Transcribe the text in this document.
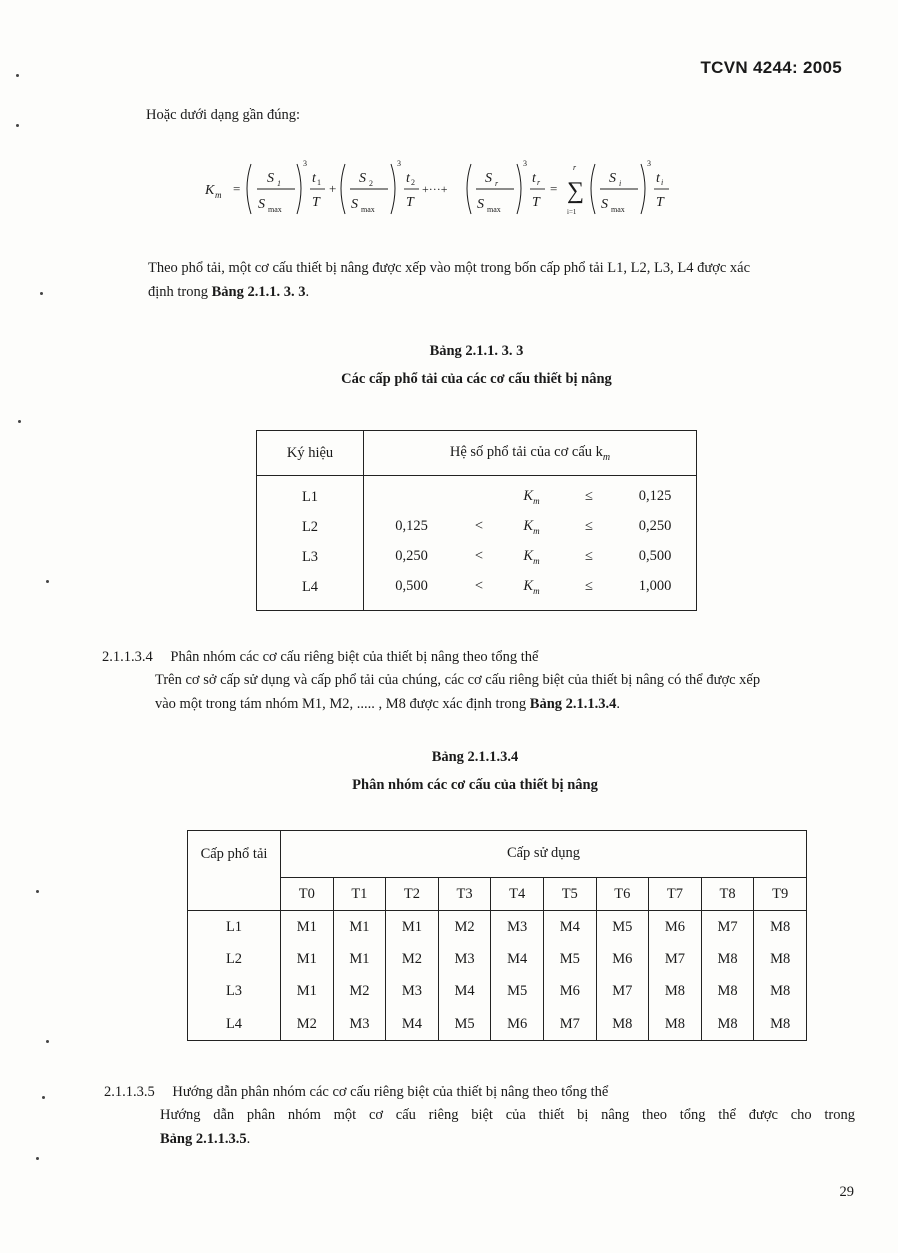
TCVN 4244: 2005
Hoặc dưới dạng gần đúng:
K m =
S 1
S max
3
t 1
T
+
S 2
S max
3
t 2
T
+···+
S r
S max
3
t r
T
= ∑
r
i=1
S i
S max
3
t i
T
Theo phổ tải, một cơ cấu thiết bị nâng được xếp vào một trong bốn cấp phổ tải L1, L2, L3, L4 được xác
định trong Bảng 2.1.1. 3. 3.
Bảng 2.1.1. 3. 3
Các cấp phổ tải của các cơ cấu thiết bị nâng
Ký hiệu	Hệ số phổ tải của cơ cấu $k_m$
L1	$K_m \le 0,125$

L2	$0,125 < K_m \le 0,250$

L3	$0,250 < K_m \le 0,500$

L4	$0,500 < K_m \le 1,000$
2.1.1.3.4 Phân nhóm các cơ cấu riêng biệt của thiết bị nâng theo tổng thể
Trên cơ sở cấp sử dụng và cấp phổ tải của chúng, các cơ cấu riêng biệt của thiết bị nâng có thể được xếp
vào một trong tám nhóm M1, M2, ..... , M8 được xác định trong Bảng 2.1.1.3.4.
Bảng 2.1.1.3.4
Phân nhóm các cơ cấu của thiết bị nâng
Cấp phổ tải	Cấp sử dụng									
	T0	T1	T2	T3	T4	T5	T6	T7	T8	T9
L1	M1	M1	M1	M2	M3	M4	M5	M6	M7	M8
L2	M1	M1	M2	M3	M4	M5	M6	M7	M8	M8
L3	M1	M2	M3	M4	M5	M6	M7	M8	M8	M8
L4	M2	M3	M4	M5	M6	M7	M8	M8	M8	M8
2.1.1.3.5 Hướng dẫn phân nhóm các cơ cấu riêng biệt của thiết bị nâng theo tổng thể
Hướng dẫn phân nhóm một cơ cấu riêng biệt của thiết bị nâng theo tổng thể được cho trong
Bảng 2.1.1.3.5.
29
